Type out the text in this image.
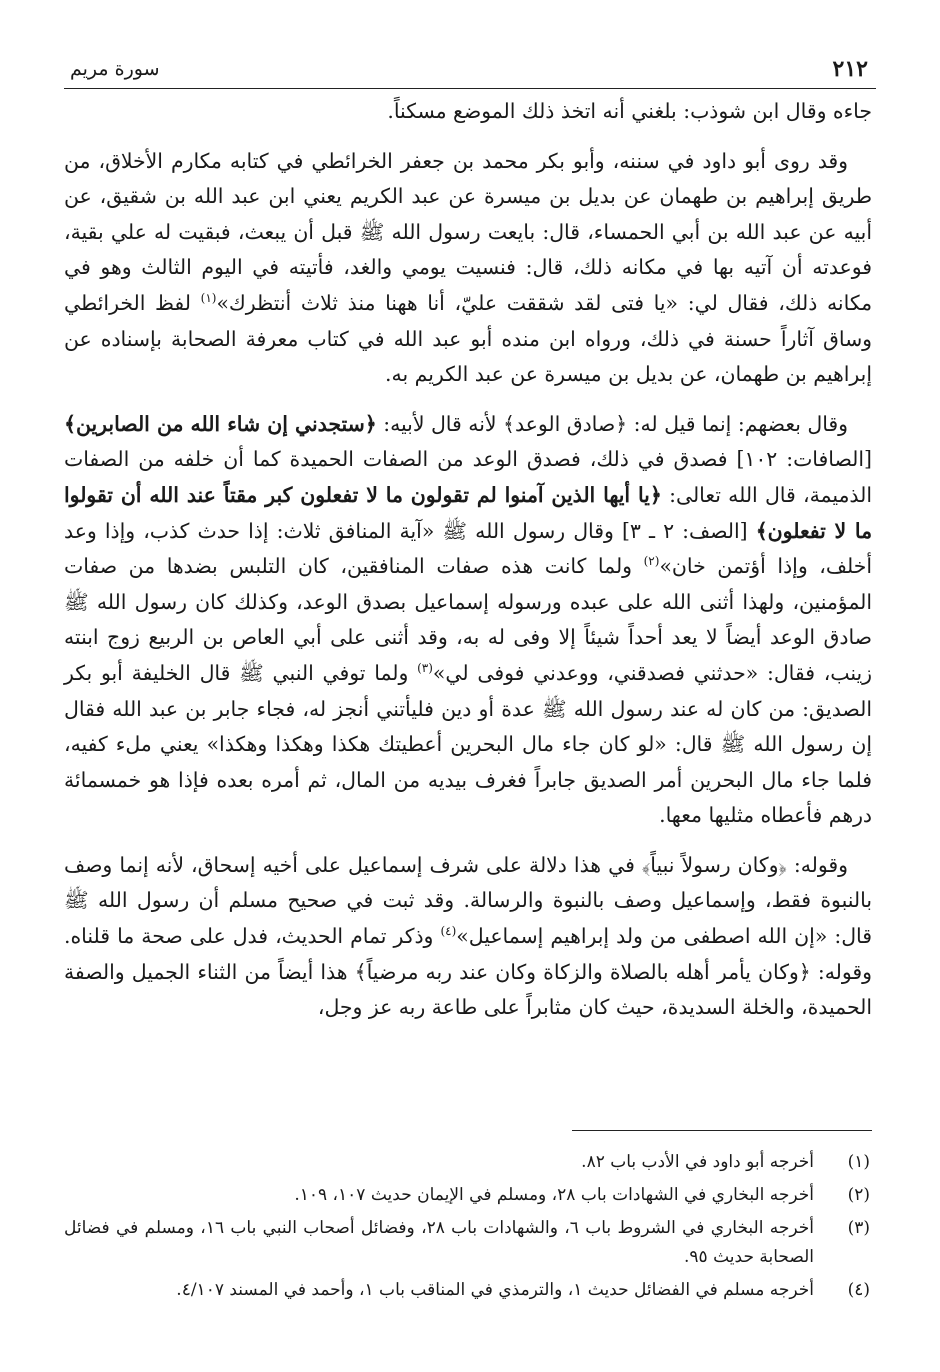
سورة مريم	٢١٢

جاءه وقال ابن شوذب: بلغني أنه اتخذ ذلك الموضع مسكناً.

وقد روى أبو داود في سننه، وأبو بكر محمد بن جعفر الخرائطي في كتابه مكارم الأخلاق، من طريق إبراهيم بن طهمان عن بديل بن ميسرة عن عبد الكريم يعني ابن عبد الله بن شقيق، عن أبيه عن عبد الله بن أبي الحمساء، قال: بايعت رسول الله ﷺ قبل أن يبعث، فبقيت له علي بقية، فوعدته أن آتيه بها في مكانه ذلك، قال: فنسيت يومي والغد، فأتيته في اليوم الثالث وهو في مكانه ذلك، فقال لي: «يا فتى لقد شققت عليّ، أنا ههنا منذ ثلاث أنتظرك»$^{(١)}$ لفظ الخرائطي وساق آثاراً حسنة في ذلك، ورواه ابن منده أبو عبد الله في كتاب معرفة الصحابة بإسناده عن إبراهيم بن طهمان، عن بديل بن ميسرة عن عبد الكريم به.

وقال بعضهم: إنما قيل له: ﴿صادق الوعد﴾ لأنه قال لأبيه: ﴿ستجدني إن شاء الله من الصابرين﴾ [الصافات: ١٠٢] فصدق في ذلك، فصدق الوعد من الصفات الحميدة كما أن خلفه من الصفات الذميمة، قال الله تعالى: ﴿يا أيها الذين آمنوا لم تقولون ما لا تفعلون كبر مقتاً عند الله أن تقولوا ما لا تفعلون﴾ [الصف: ٢ ـ ٣] وقال رسول الله ﷺ «آية المنافق ثلاث: إذا حدث كذب، وإذا وعد أخلف، وإذا أؤتمن خان»$^{(٢)}$ ولما كانت هذه صفات المنافقين، كان التلبس بضدها من صفات المؤمنين، ولهذا أثنى الله على عبده ورسوله إسماعيل بصدق الوعد، وكذلك كان رسول الله ﷺ صادق الوعد أيضاً لا يعد أحداً شيئاً إلا وفى له به، وقد أثنى على أبي العاص بن الربيع زوج ابنته زينب، فقال: «حدثني فصدقني، ووعدني فوفى لي»$^{(٣)}$ ولما توفي النبي ﷺ قال الخليفة أبو بكر الصديق: من كان له عند رسول الله ﷺ عدة أو دين فليأتني أنجز له، فجاء جابر بن عبد الله فقال إن رسول الله ﷺ قال: «لو كان جاء مال البحرين أعطيتك هكذا وهكذا وهكذا» يعني ملء كفيه، فلما جاء مال البحرين أمر الصديق جابراً فغرف بيديه من المال، ثم أمره بعده فإذا هو خمسمائة درهم فأعطاه مثليها معها.

وقوله: ﴿وكان رسولاً نبياً﴾ في هذا دلالة على شرف إسماعيل على أخيه إسحاق، لأنه إنما وصف بالنبوة فقط، وإسماعيل وصف بالنبوة والرسالة. وقد ثبت في صحيح مسلم أن رسول الله ﷺ قال: «إن الله اصطفى من ولد إبراهيم إسماعيل»$^{(٤)}$ وذكر تمام الحديث، فدل على صحة ما قلناه. وقوله: ﴿وكان يأمر أهله بالصلاة والزكاة وكان عند ربه مرضياً﴾ هذا أيضاً من الثناء الجميل والصفة الحميدة، والخلة السديدة، حيث كان مثابراً على طاعة ربه عز وجل،

(١)
أخرجه أبو داود في الأدب باب ٨٢.
(٢)
أخرجه البخاري في الشهادات باب ٢٨، ومسلم في الإيمان حديث ١٠٧، ١٠٩.
(٣)
أخرجه البخاري في الشروط باب ٦، والشهادات باب ٢٨، وفضائل أصحاب النبي باب ١٦، ومسلم في فضائل الصحابة حديث ٩٥.
(٤)
أخرجه مسلم في الفضائل حديث ١، والترمذي في المناقب باب ١، وأحمد في المسند ٤/١٠٧.
